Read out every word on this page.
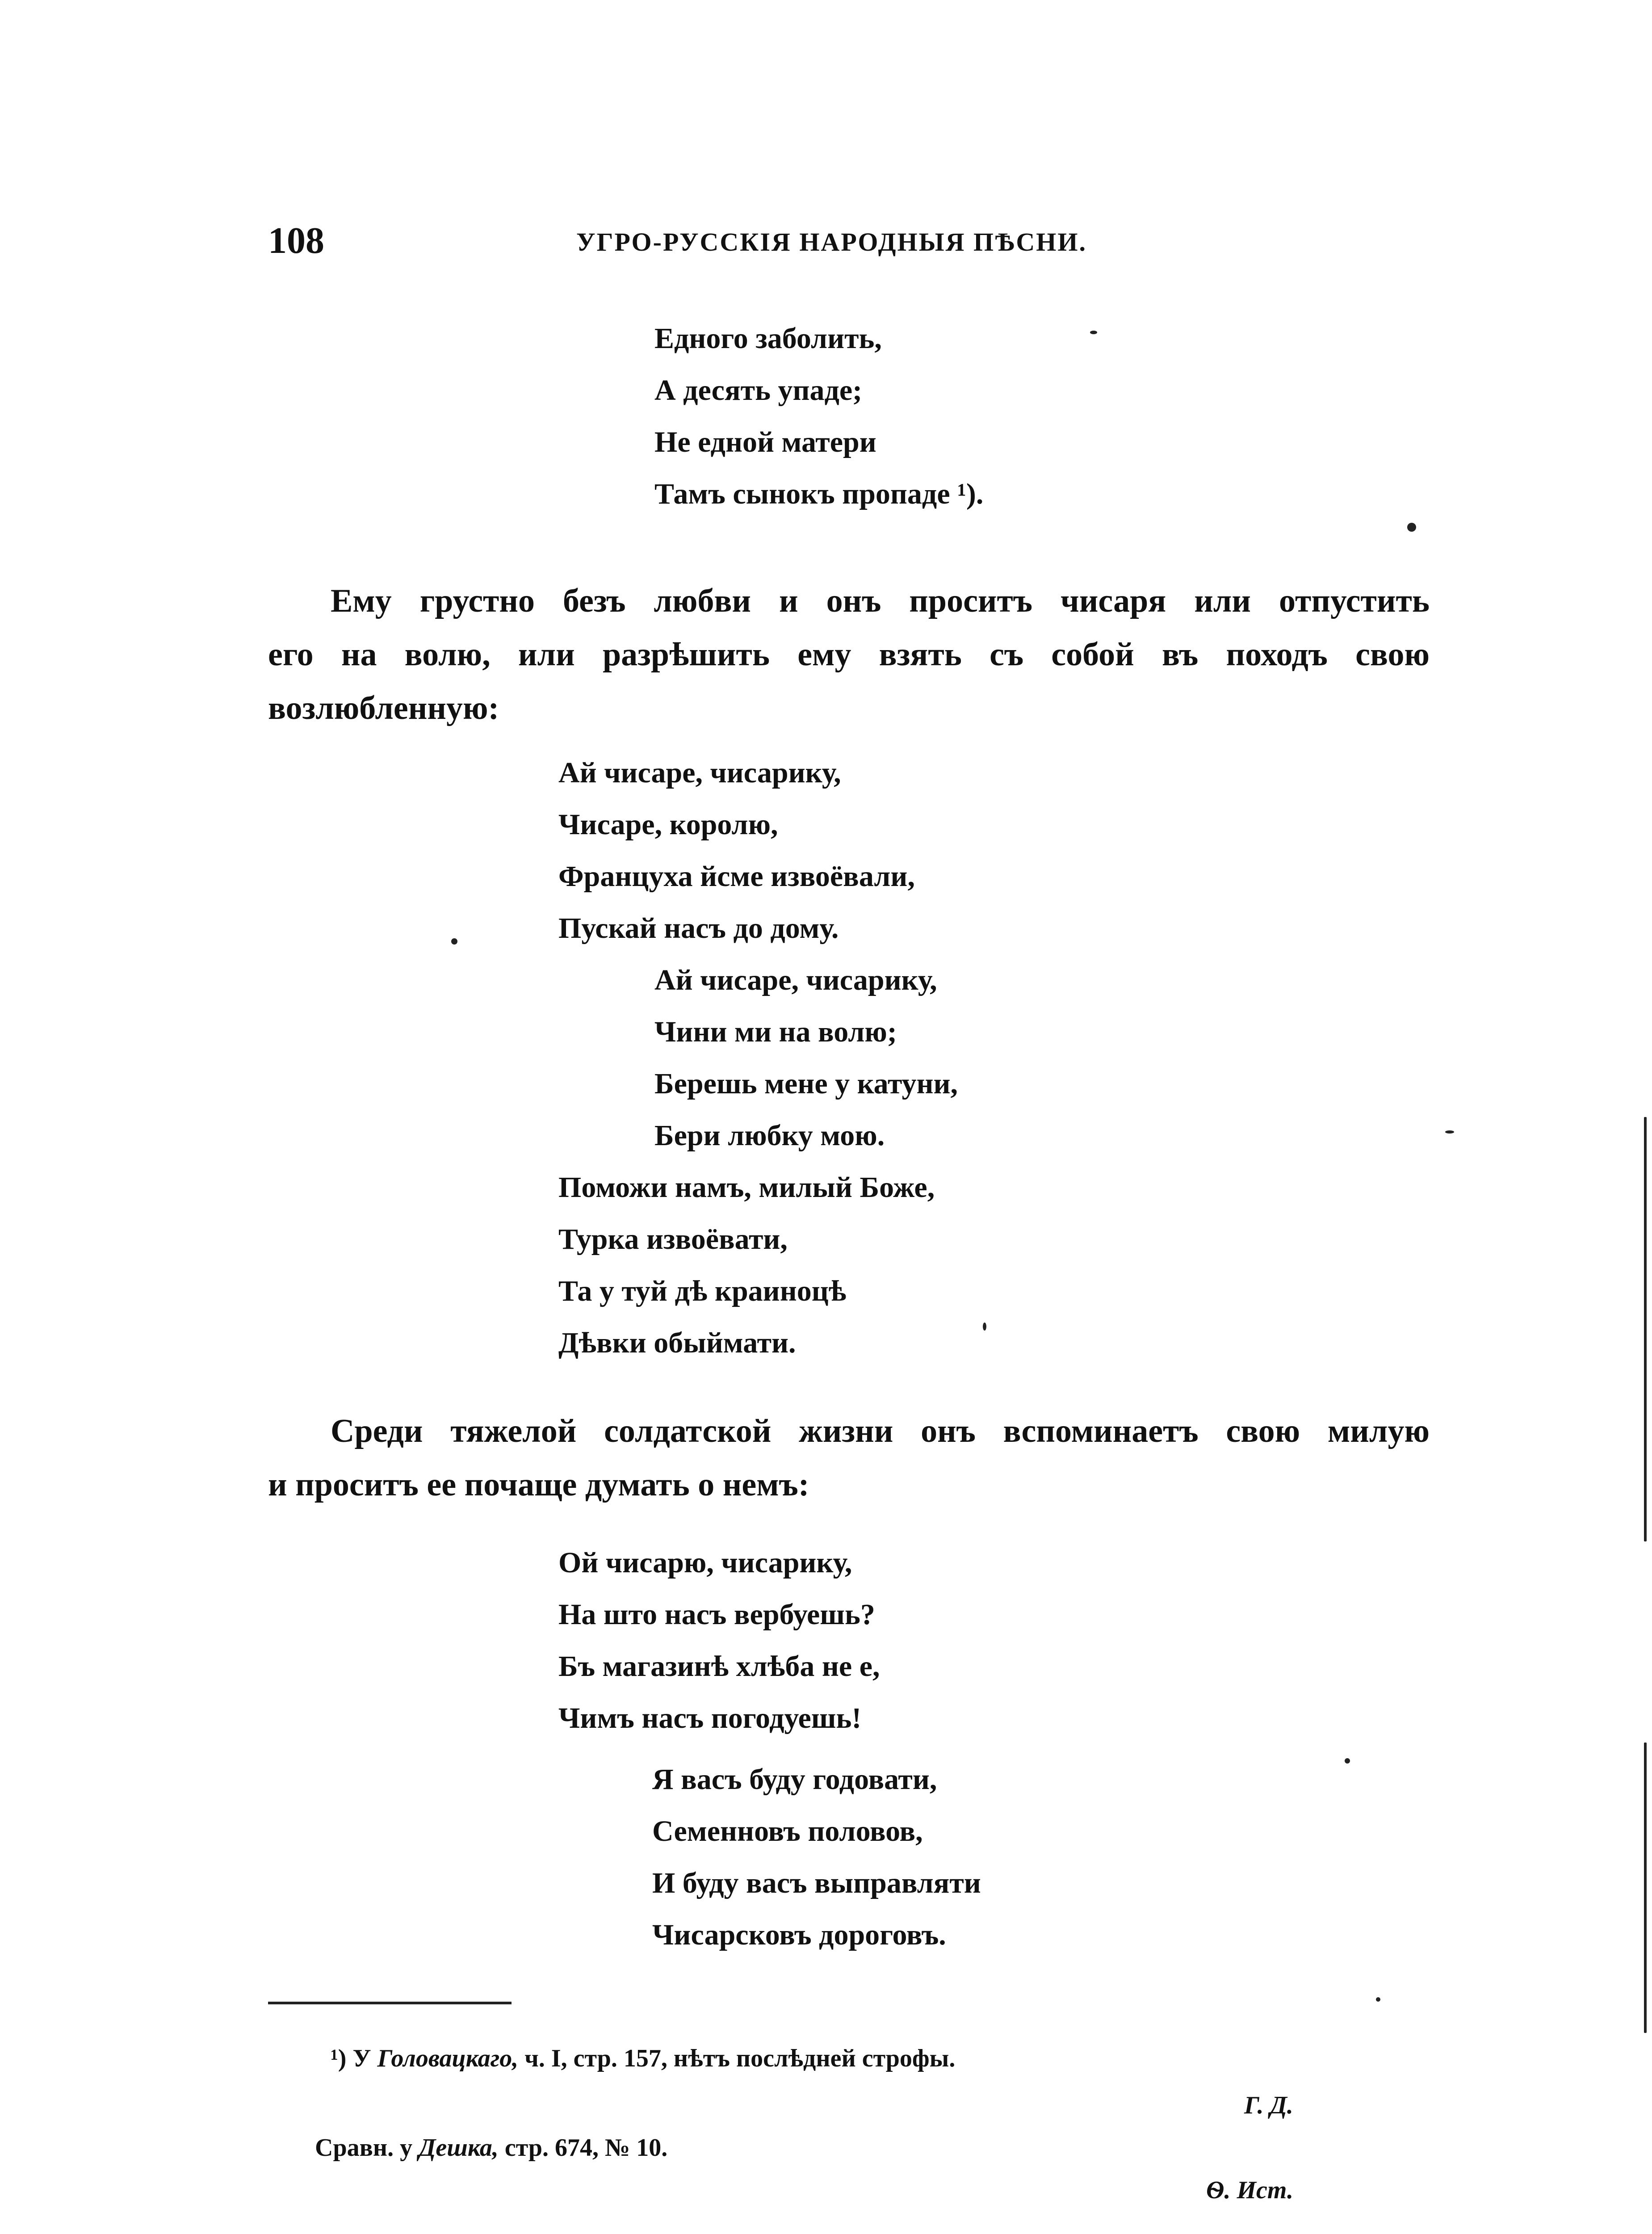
108	УГРО-РУССКІЯ НАРОДНЫЯ ПѢСНИ.
Едного заболить,
А десять упаде;
Не едной матери
Тамъ сынокъ пропаде ¹).
Ему грустно безъ любви и онъ проситъ чисаря или отпустить
его на волю, или разрѣшить ему взять съ собой въ походъ свою
возлюбленную:
Ай чисаре, чисарику,
Чисаре, королю,
Француха йсме извоёвали,
Пускай насъ до дому.
Ай чисаре, чисарику,
Чини ми на волю;
Берешь мене у катуни,
Бери любку мою.
Поможи намъ, милый Боже,
Турка извоёвати,
Та у туй дѣ краиноцѣ
Дѣвки обыймати.
Среди тяжелой солдатской жизни онъ вспоминаетъ свою милую
и проситъ ее почаще думать о немъ:
Ой чисарю, чисарику,
На што насъ вербуешь?
Бъ магазинѣ хлѣба не е,
Чимъ насъ погодуешь!
Я васъ буду годовати,
Семенновъ половов,
И буду васъ выправляти
Чисарсковъ дороговъ.
¹) У Головацкаго, ч. I, стр. 157, нѣтъ послѣдней строфы.
Г. Д.
Сравн. у Дешка, стр. 674, № 10.
Ѳ. Ист.
